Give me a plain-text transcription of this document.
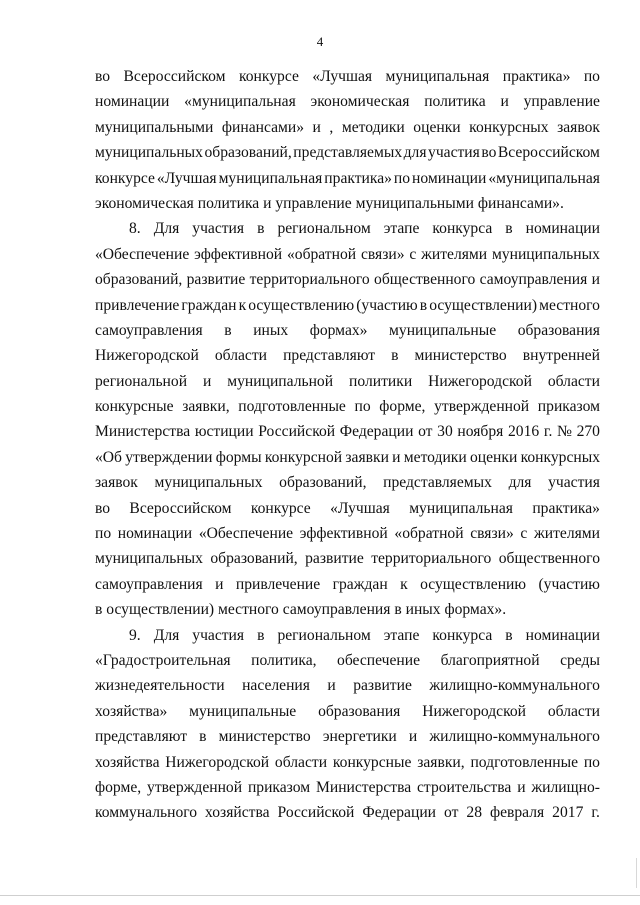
4
во Всероссийском конкурсе «Лучшая муниципальная практика» по
номинации «муниципальная экономическая политика и управление
муниципальными финансами» и , методики оценки конкурсных заявок
муниципальных образований, представляемых для участия во Всероссийском
конкурсе «Лучшая муниципальная практика» по номинации «муниципальная
экономическая политика и управление муниципальными финансами».
8. Для участия в региональном этапе конкурса в номинации
«Обеспечение эффективной «обратной связи» с жителями муниципальных
образований, развитие территориального общественного самоуправления и
привлечение граждан к осуществлению (участию в осуществлении) местного
самоуправления в иных формах» муниципальные образования
Нижегородской области представляют в министерство внутренней
региональной и муниципальной политики Нижегородской области
конкурсные заявки, подготовленные по форме, утвержденной приказом
Министерства юстиции Российской Федерации от 30 ноября 2016 г. № 270
«Об утверждении формы конкурсной заявки и методики оценки конкурсных
заявок муниципальных образований, представляемых для участия
во Всероссийском конкурсе «Лучшая муниципальная практика»
по номинации «Обеспечение эффективной «обратной связи» с жителями
муниципальных образований, развитие территориального общественного
самоуправления и привлечение граждан к осуществлению (участию
в осуществлении) местного самоуправления в иных формах».
9. Для участия в региональном этапе конкурса в номинации
«Градостроительная политика, обеспечение благоприятной среды
жизнедеятельности населения и развитие жилищно-коммунального
хозяйства» муниципальные образования Нижегородской области
представляют в министерство энергетики и жилищно-коммунального
хозяйства Нижегородской области конкурсные заявки, подготовленные по
форме, утвержденной приказом Министерства строительства и жилищно-
коммунального хозяйства Российской Федерации от 28 февраля 2017 г.
